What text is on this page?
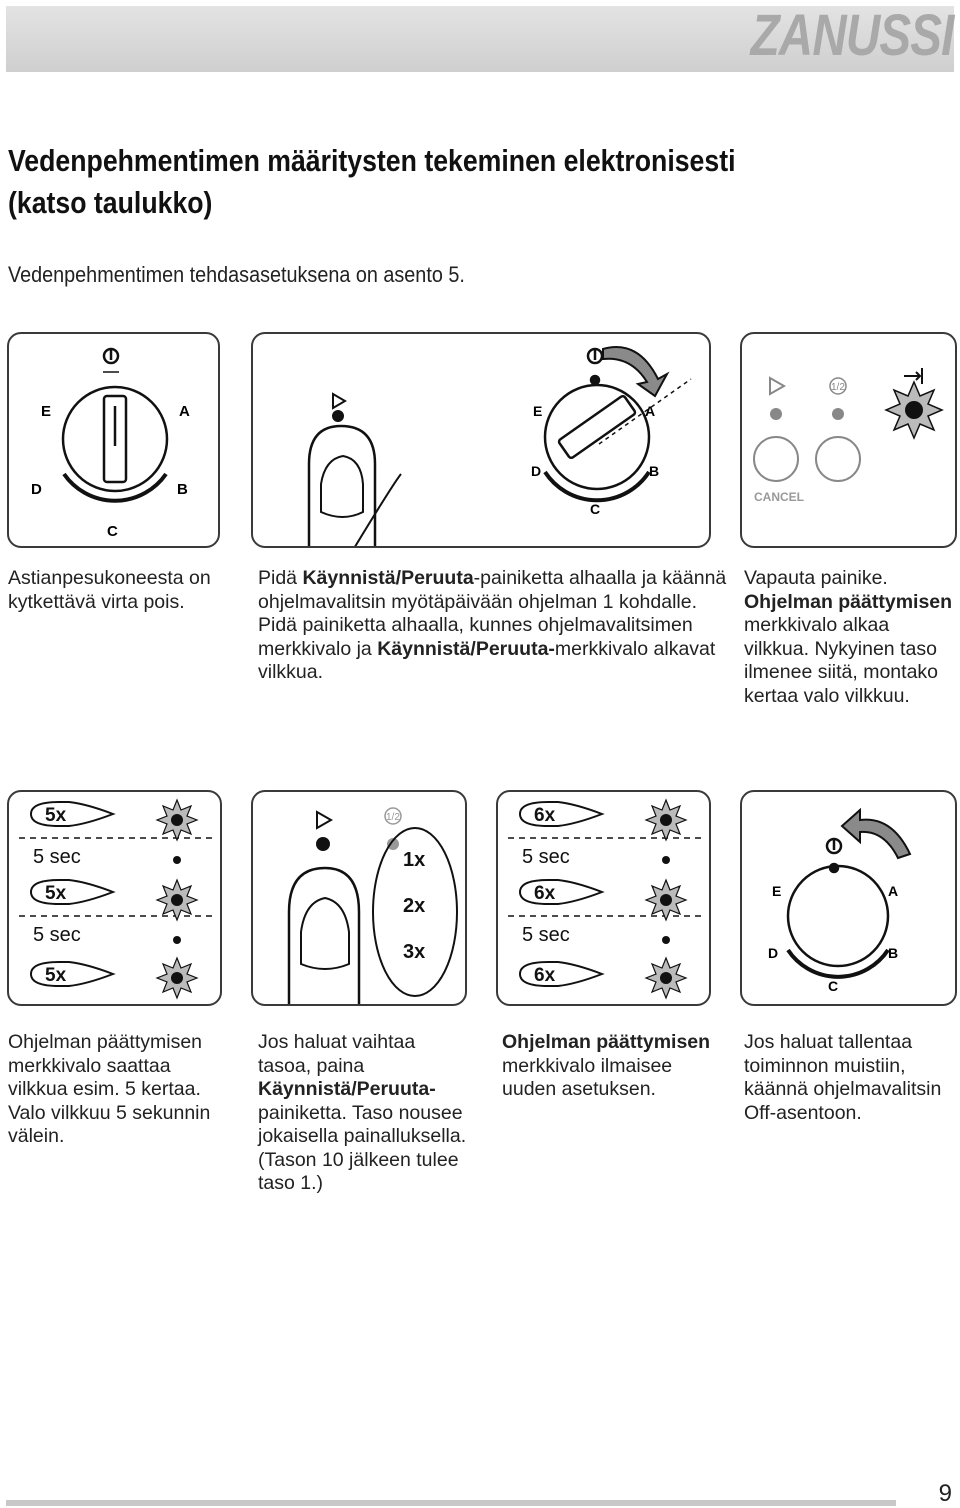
ZANUSSI
Vedenpehmentimen määritysten tekeminen elektronisesti (katso taulukko)

Vedenpehmentimen tehdasasetuksena on asento 5.

E	A
D	B
C
E	A
D	B
C
1/2
CANCEL
Astianpesukoneesta on kytkettävä virta pois.
Pidä Käynnistä/Peruuta-painiketta alhaalla ja käännä ohjelmavalitsin myötäpäivään ohjelman 1 kohdalle. Pidä painiketta alhaalla, kunnes ohjelmavalitsimen merkkivalo ja Käynnistä/Peruuta-merkkivalo alkavat vilkkua.
Vapauta painike. Ohjelman päättymisen merkkivalo alkaa vilkkua. Nykyinen taso ilmenee siitä, montako kertaa valo vilkkuu.
5x
5 sec
5x
5 sec
5x
1/2
1x
2x
3x
6x
5 sec
6x
5 sec
6x
E	A
D	B
C
Ohjelman päättymisen merkkivalo saattaa vilkkua esim. 5 kertaa. Valo vilkkuu 5 sekunnin välein.
Jos haluat vaihtaa tasoa, paina Käynnistä/Peruuta-painiketta. Taso nousee jokaisella painalluksella. (Tason 10 jälkeen tulee taso 1.)
Ohjelman päättymisen merkkivalo ilmaisee uuden asetuksen.
Jos haluat tallentaa toiminnon muistiin, käännä ohjelmavalitsin Off-asentoon.
9
